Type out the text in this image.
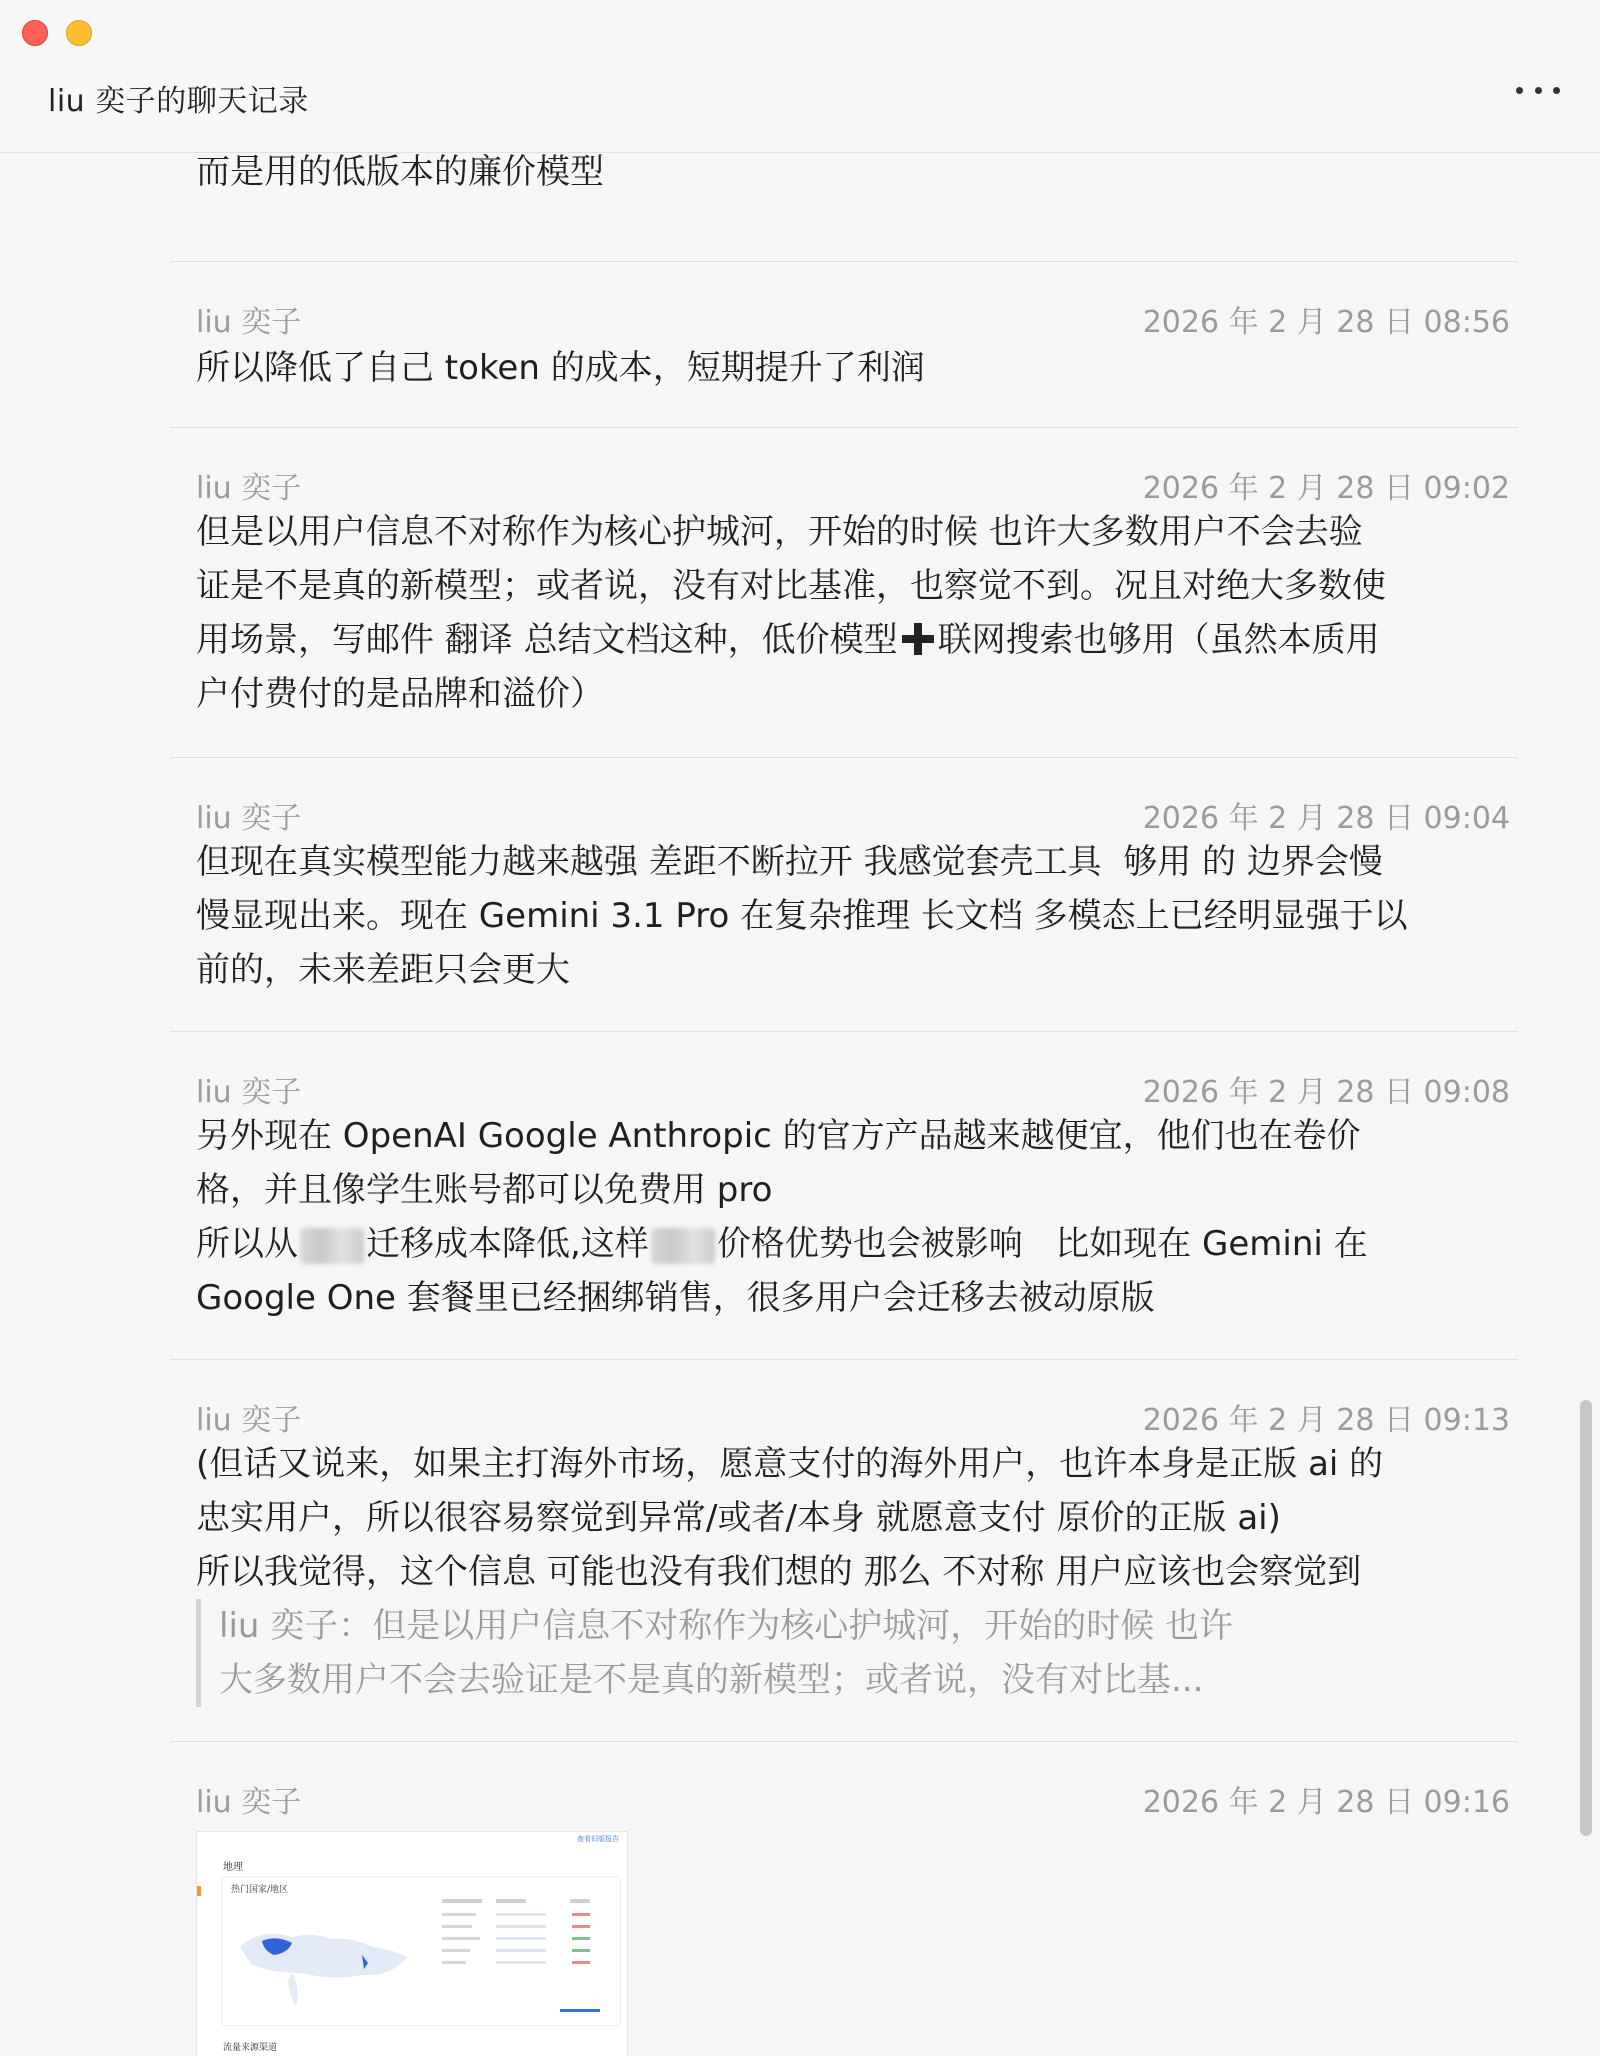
liu 奕子的聊天记录
而是用的低版本的廉价模型
liu 奕子	2026 年 2 月 28 日 08:56
所以降低了自己 token 的成本，短期提升了利润
liu 奕子	2026 年 2 月 28 日 09:02
但是以用户信息不对称作为核心护城河，开始的时候 也许大多数用户不会去验
证是不是真的新模型；或者说，没有对比基准，也察觉不到。况且对绝大多数使
用场景，写邮件 翻译 总结文档这种，低价模型 联网搜索也够用（虽然本质用
户付费付的是品牌和溢价）
liu 奕子	2026 年 2 月 28 日 09:04
但现在真实模型能力越来越强 差距不断拉开 我感觉套壳工具  够用 的 边界会慢
慢显现出来。现在 Gemini 3.1 Pro 在复杂推理 长文档 多模态上已经明显强于以
前的，未来差距只会更大
liu 奕子	2026 年 2 月 28 日 09:08
另外现在 OpenAI Google Anthropic 的官方产品越来越便宜，他们也在卷价
格，并且像学生账号都可以免费用 pro
所以从 迁移成本降低,这样 价格优势也会被影响   比如现在 Gemini 在
Google One 套餐里已经捆绑销售，很多用户会迁移去被动原版
liu 奕子	2026 年 2 月 28 日 09:13
(但话又说来，如果主打海外市场，愿意支付的海外用户，也许本身是正版 ai 的
忠实用户，所以很容易察觉到异常/或者/本身 就愿意支付 原价的正版 ai)
所以我觉得，这个信息 可能也没有我们想的 那么 不对称 用户应该也会察觉到
liu 奕子：但是以用户信息不对称作为核心护城河，开始的时候 也许
大多数用户不会去验证是不是真的新模型；或者说，没有对比基...
liu 奕子	2026 年 2 月 28 日 09:16
查看旧版报告
地理
热门国家/地区
流量来源渠道
